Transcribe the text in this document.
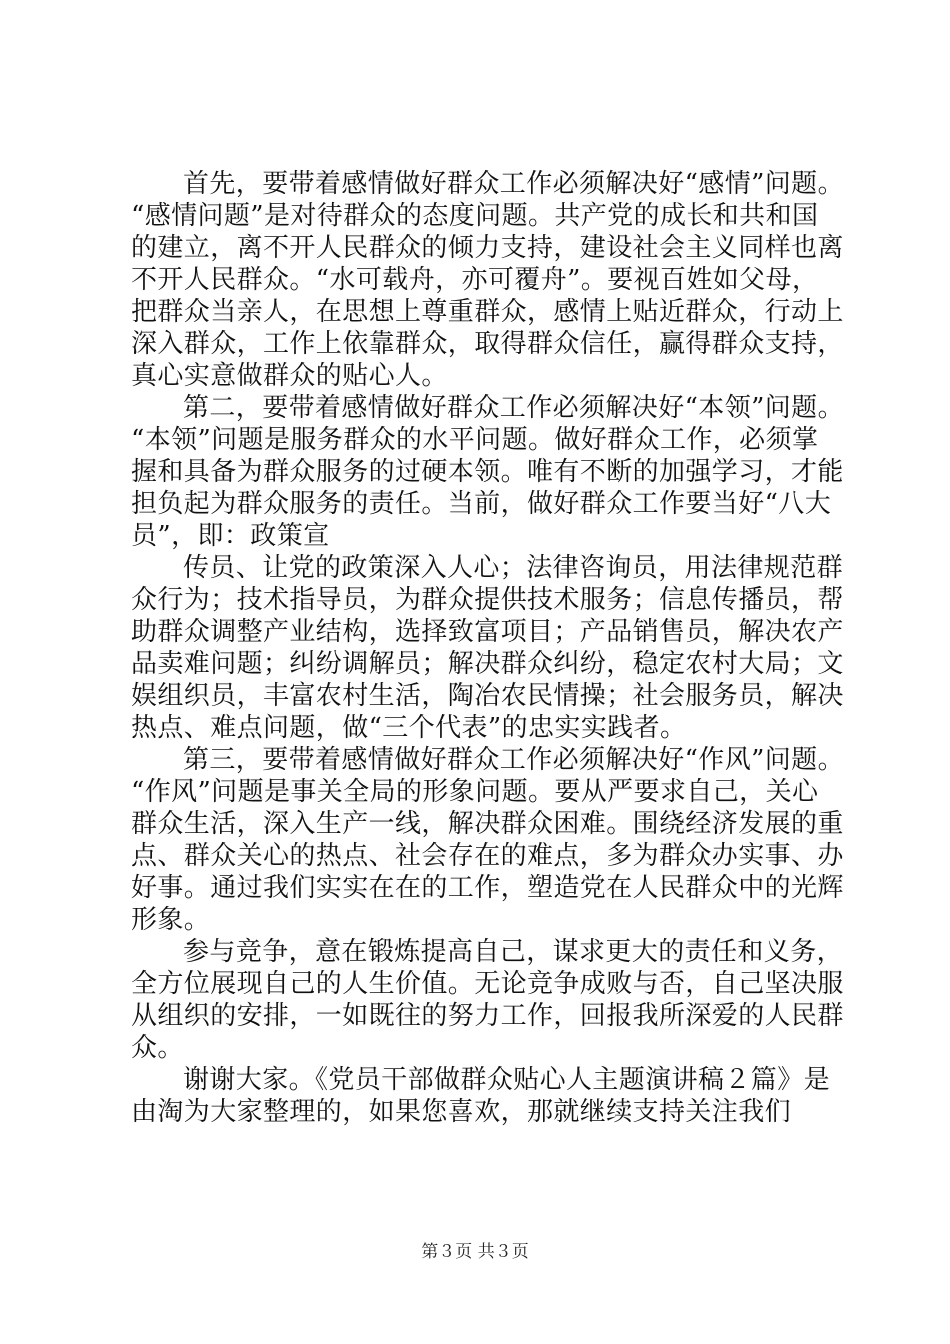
首先，要带着感情做好群众工作必须解决好“感情”问题。
“感情问题”是对待群众的态度问题。共产党的成长和共和国
的建立，离不开人民群众的倾力支持，建设社会主义同样也离
不开人民群众。“水可载舟，亦可覆舟”。要视百姓如父母，
把群众当亲人，在思想上尊重群众，感情上贴近群众，行动上
深入群众，工作上依靠群众，取得群众信任，赢得群众支持，
真心实意做群众的贴心人。
第二，要带着感情做好群众工作必须解决好“本领”问题。
“本领”问题是服务群众的水平问题。做好群众工作，必须掌
握和具备为群众服务的过硬本领。唯有不断的加强学习，才能
担负起为群众服务的责任。当前，做好群众工作要当好“八大
员”，即：政策宣
传员、让党的政策深入人心；法律咨询员，用法律规范群
众行为；技术指导员，为群众提供技术服务；信息传播员，帮
助群众调整产业结构，选择致富项目；产品销售员，解决农产
品卖难问题；纠纷调解员；解决群众纠纷，稳定农村大局；文
娱组织员，丰富农村生活，陶冶农民情操；社会服务员，解决
热点、难点问题，做“三个代表”的忠实实践者。
第三，要带着感情做好群众工作必须解决好“作风”问题。
“作风”问题是事关全局的形象问题。要从严要求自己，关心
群众生活，深入生产一线，解决群众困难。围绕经济发展的重
点、群众关心的热点、社会存在的难点，多为群众办实事、办
好事。通过我们实实在在的工作，塑造党在人民群众中的光辉
形象。
参与竞争，意在锻炼提高自己，谋求更大的责任和义务，
全方位展现自己的人生价值。无论竞争成败与否，自己坚决服
从组织的安排，一如既往的努力工作，回报我所深爱的人民群
众。
谢谢大家。《党员干部做群众贴心人主题演讲稿２篇》是
由淘为大家整理的，如果您喜欢，那就继续支持关注我们
第３页 共３页
